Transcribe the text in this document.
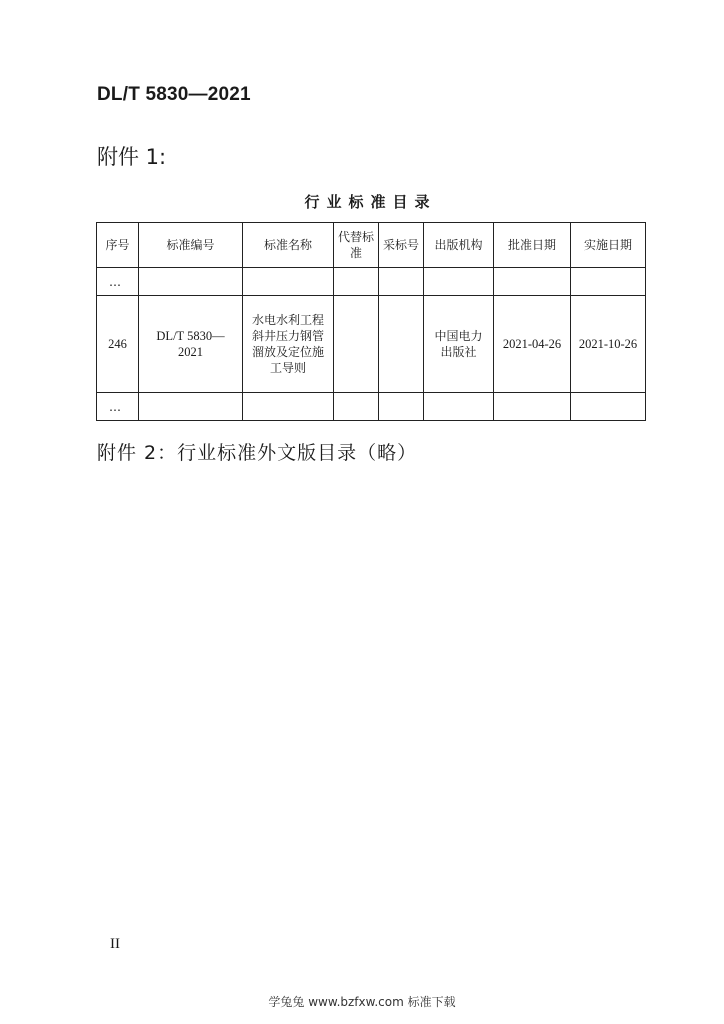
DL/T 5830—2021
附件 1:
行业标准目录
序号	标准编号	标准名称	代替标准	采标号	出版机构	批准日期	实施日期
…							
246	DL/T 5830—2021	水电水利工程斜井压力钢管溜放及定位施工导则			中国电力出版社	2021-04-26	2021-10-26
…							
附件 2：行业标准外文版目录（略）
II
学兔兔 www.bzfxw.com 标准下载
